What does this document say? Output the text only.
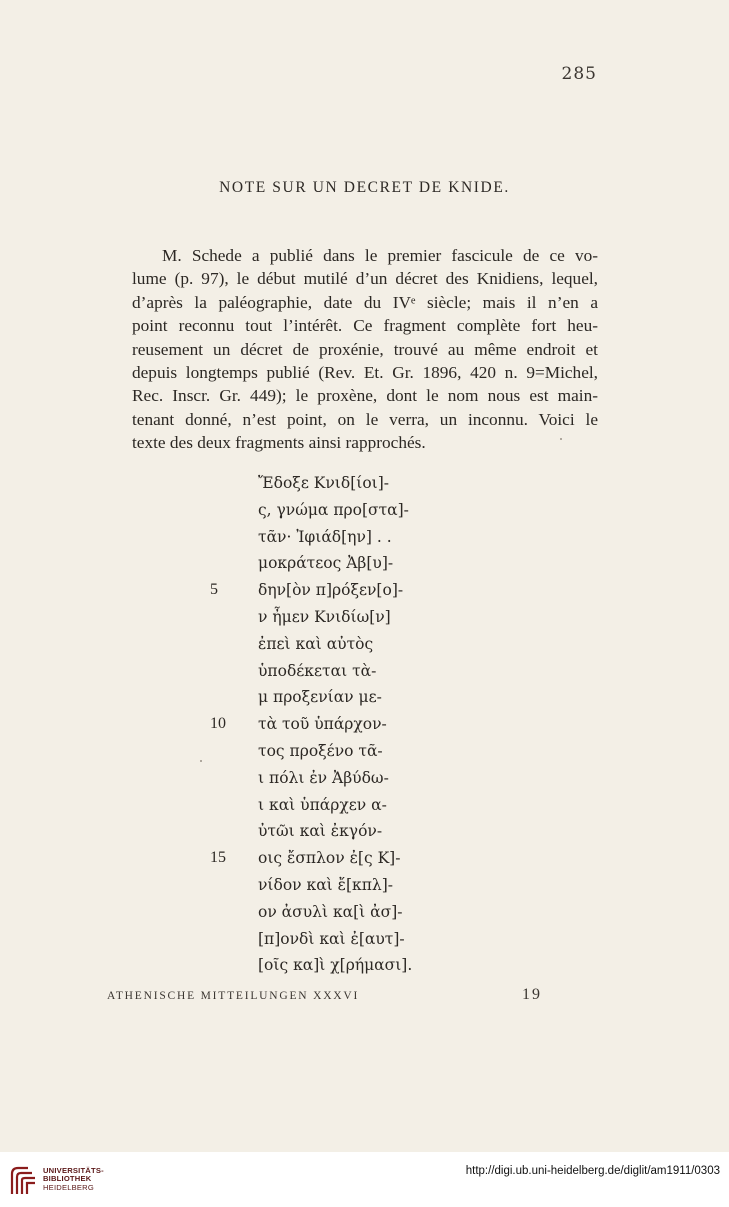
285
NOTE SUR UN DECRET DE KNIDE.
M. Schede a publié dans le premier fascicule de ce vo-
lume (p. 97), le début mutilé d’un décret des Knidiens, lequel,
d’après la paléographie, date du IVᵉ siècle; mais il n’en a
point reconnu tout l’intérêt. Ce fragment complète fort heu-
reusement un décret de proxénie, trouvé au même endroit et
depuis longtemps publié (Rev. Et. Gr. 1896, 420 n. 9=Michel,
Rec. Inscr. Gr. 449); le proxène, dont le nom nous est main-
tenant donné, n’est point, on le verra, un inconnu. Voici le
texte des deux fragments ainsi rapprochés.
Ἔδοξε Κνιδ[ίοι]-
ς, γνώμα προ[στα]-
τᾶν· Ἰφιάδ[ην] . .
μοκράτεος Ἀβ[υ]-
5	δην[ὸν π]ρόξεν[ο]-
ν ἦμεν Κνιδίω[ν]
ἐπεὶ καὶ αὐτὸς
ὑποδέκεται τὰ-
μ προξενίαν με-
10	τὰ τοῦ ὑπάρχον-
τος προξένο τᾶ-
ι πόλι ἐν Ἀβύδω-
ι καὶ ὑπάρχεν α-
ὐτῶι καὶ ἐκγόν-
15	οις ἔσπλον ἐ[ς Κ]-
νίδον καὶ ἔ[κπλ]-
ον ἀσυλὶ κα[ὶ ἀσ]-
[π]ονδὶ καὶ ἐ[αυτ]-
[οῖς κα]ὶ χ[ρήμασι].
ATHENISCHE MITTEILUNGEN XXXVI	19
UNIVERSITÄTS-
BIBLIOTHEK
HEIDELBERG
http://digi.ub.uni-heidelberg.de/diglit/am1911/0303
